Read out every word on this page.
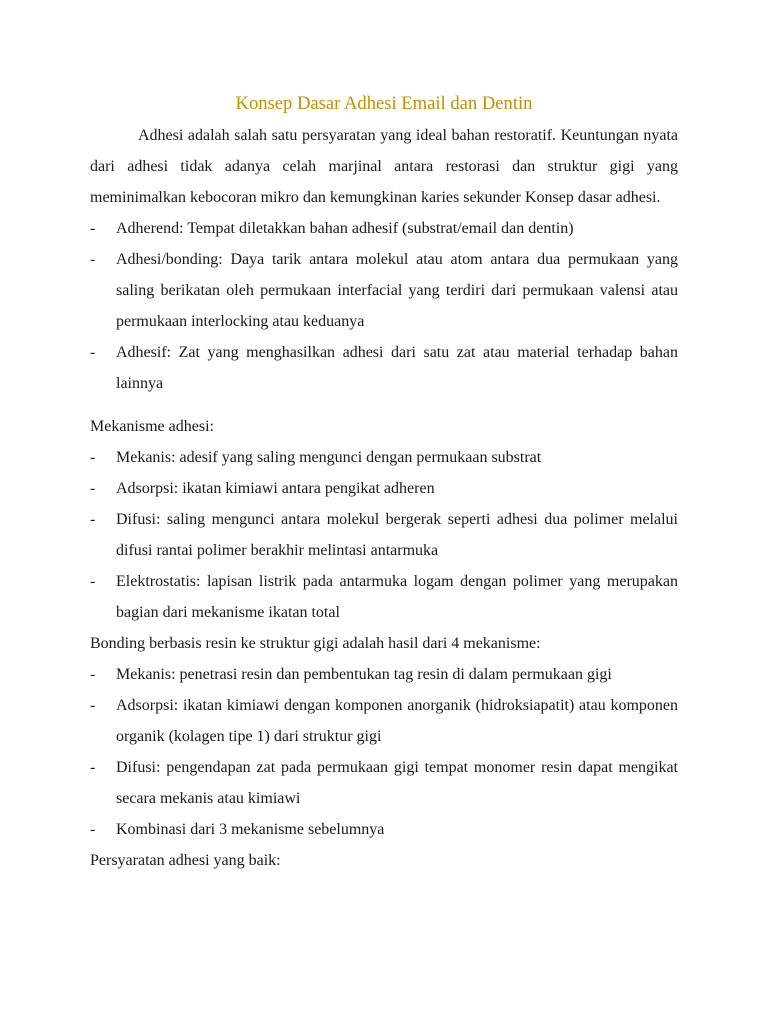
Konsep Dasar Adhesi Email dan Dentin

Adhesi adalah salah satu persyaratan yang ideal bahan restoratif. Keuntungan nyata dari adhesi tidak adanya celah marjinal antara restorasi dan struktur gigi yang meminimalkan kebocoran mikro dan kemungkinan karies sekunder Konsep dasar adhesi.

- Adherend: Tempat diletakkan bahan adhesif (substrat/email dan dentin)
- Adhesi/bonding: Daya tarik antara molekul atau atom antara dua permukaan yang saling berikatan oleh permukaan interfacial yang terdiri dari permukaan valensi atau permukaan interlocking atau keduanya
- Adhesif: Zat yang menghasilkan adhesi dari satu zat atau material terhadap bahan lainnya

Mekanisme adhesi:

- Mekanis: adesif yang saling mengunci dengan permukaan substrat
- Adsorpsi: ikatan kimiawi antara pengikat adheren
- Difusi: saling mengunci antara molekul bergerak seperti adhesi dua polimer melalui difusi rantai polimer berakhir melintasi antarmuka
- Elektrostatis: lapisan listrik pada antarmuka logam dengan polimer yang merupakan bagian dari mekanisme ikatan total

Bonding berbasis resin ke struktur gigi adalah hasil dari 4 mekanisme:

- Mekanis: penetrasi resin dan pembentukan tag resin di dalam permukaan gigi
- Adsorpsi: ikatan kimiawi dengan komponen anorganik (hidroksiapatit) atau komponen organik (kolagen tipe 1) dari struktur gigi
- Difusi: pengendapan zat pada permukaan gigi tempat monomer resin dapat mengikat secara mekanis atau kimiawi
- Kombinasi dari 3 mekanisme sebelumnya

Persyaratan adhesi yang baik:
